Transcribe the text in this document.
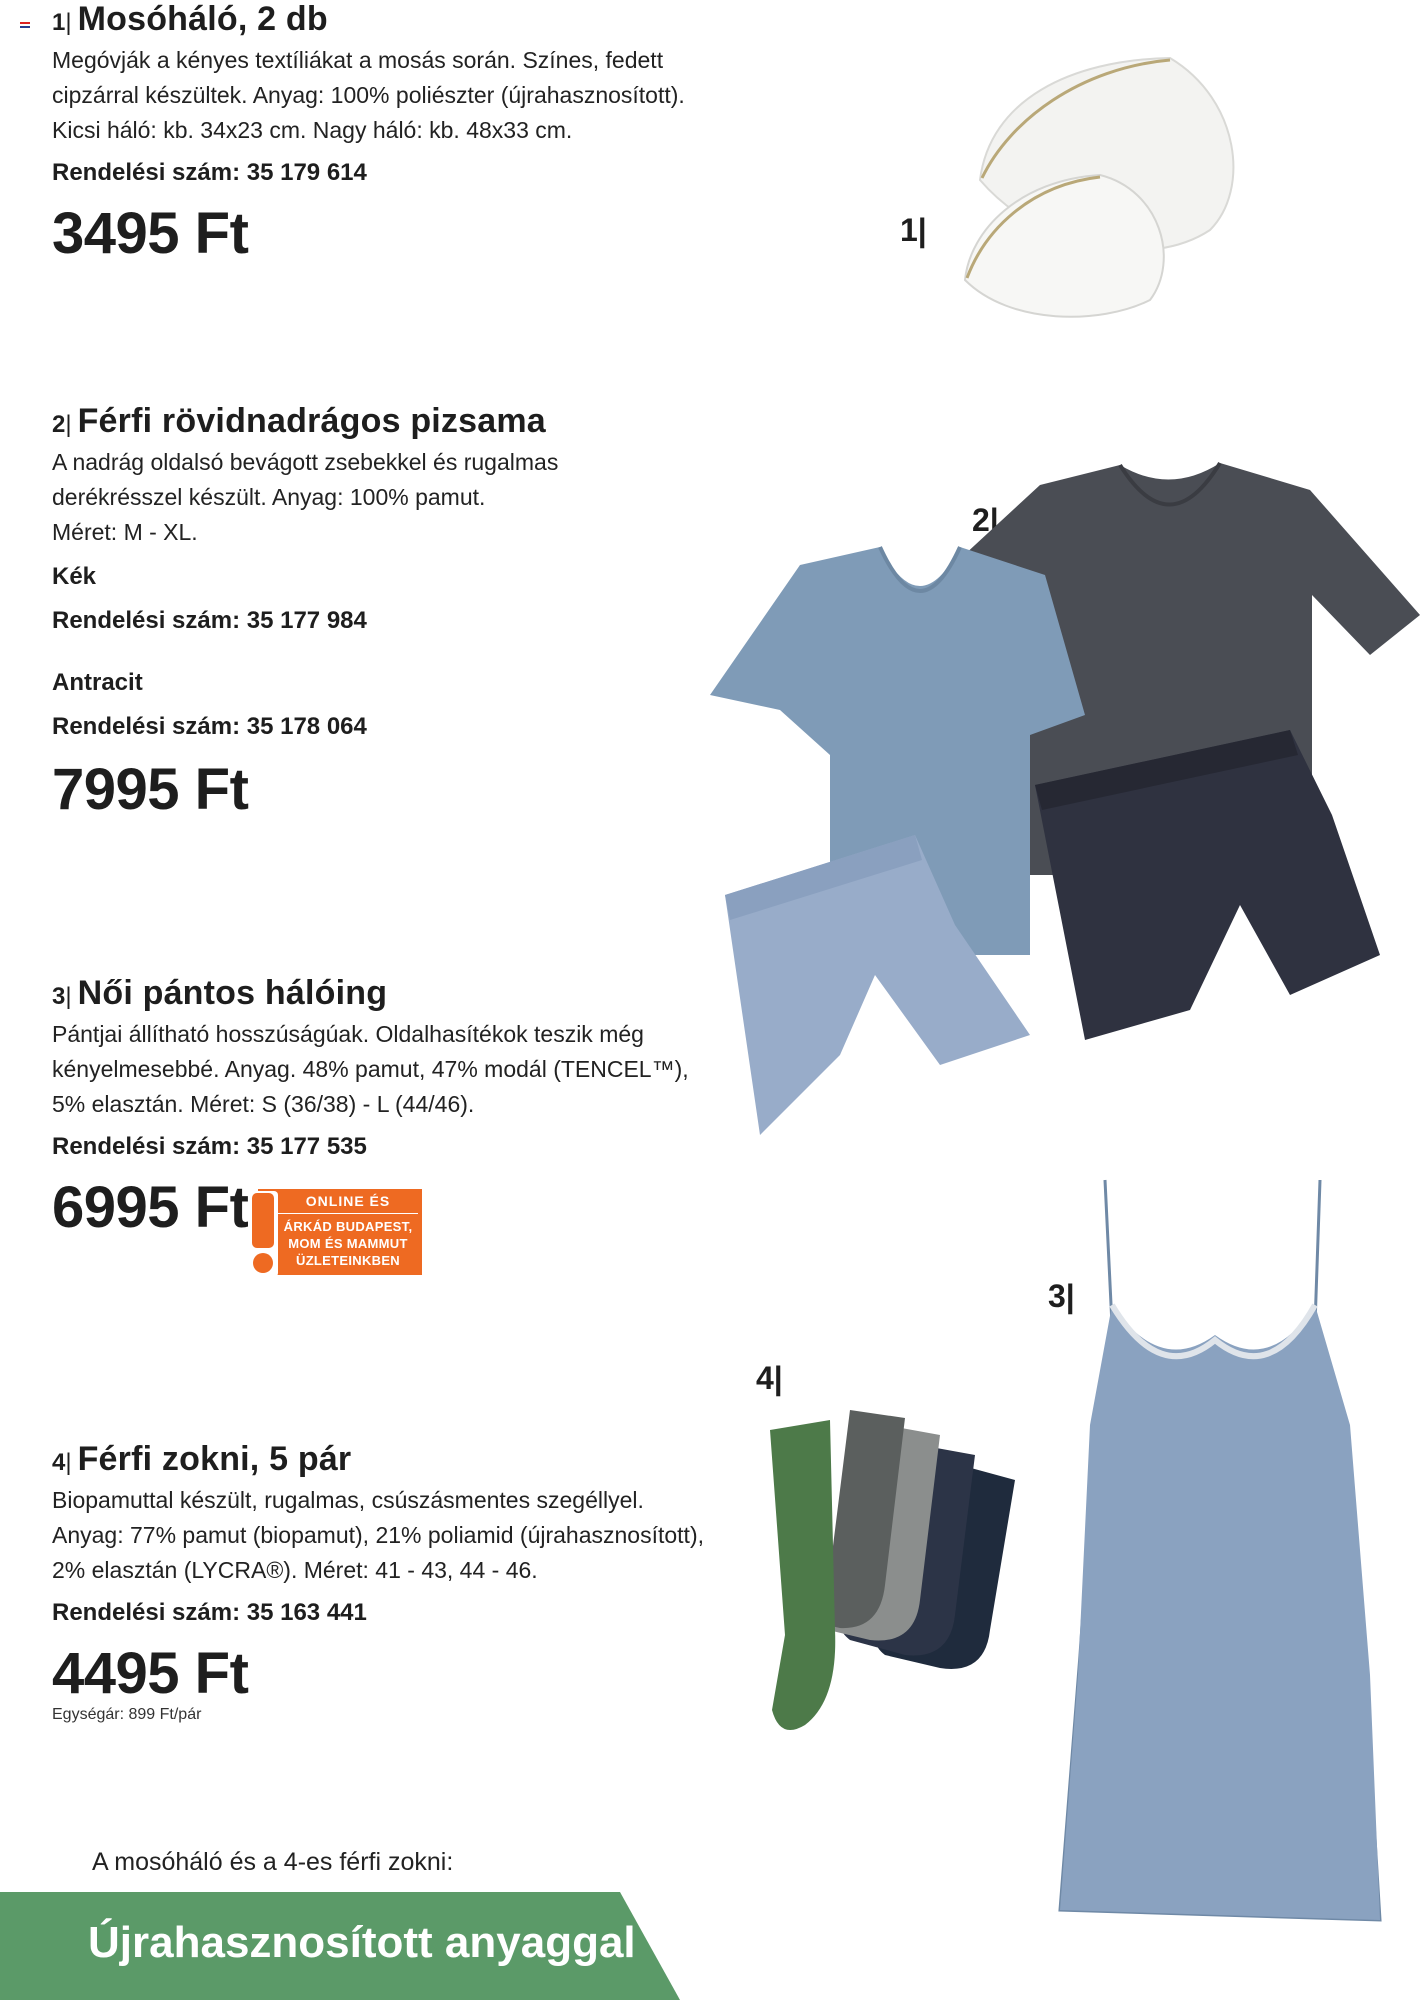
1| Mosóháló, 2 db
Megóvják a kényes textíliákat a mosás során. Színes, fedett
cipzárral készültek. Anyag: 100% poliészter (újrahasznosított).
Kicsi háló: kb. 34x23 cm. Nagy háló: kb. 48x33 cm.
Rendelési szám: 35 179 614
3495 Ft
2| Férfi rövidnadrágos pizsama
A nadrág oldalsó bevágott zsebekkel és rugalmas
derékrésszel készült. Anyag: 100% pamut.
Méret: M - XL.
Kék
Rendelési szám: 35 177 984
Antracit
Rendelési szám: 35 178 064
7995 Ft
3| Női pántos hálóing
Pántjai állítható hosszúságúak. Oldalhasítékok teszik még
kényelmesebbé. Anyag. 48% pamut, 47% modál (TENCEL™),
5% elasztán. Méret: S (36/38) - L (44/46).
Rendelési szám: 35 177 535
6995 Ft	ONLINE ÉS
ÁRKÁD BUDAPEST,
MOM ÉS MAMMUT
ÜZLETEINKBEN
4| Férfi zokni, 5 pár
Biopamuttal készült, rugalmas, csúszásmentes szegéllyel.
Anyag: 77% pamut (biopamut), 21% poliamid (újrahasznosított),
2% elasztán (LYCRA®). Méret: 41 - 43, 44 - 46.
Rendelési szám: 35 163 441
4495 Ft
Egységár: 899 Ft/pár
1|
2|
3|
4|
A mosóháló és a 4-es férfi zokni:
Újrahasznosított anyaggal
